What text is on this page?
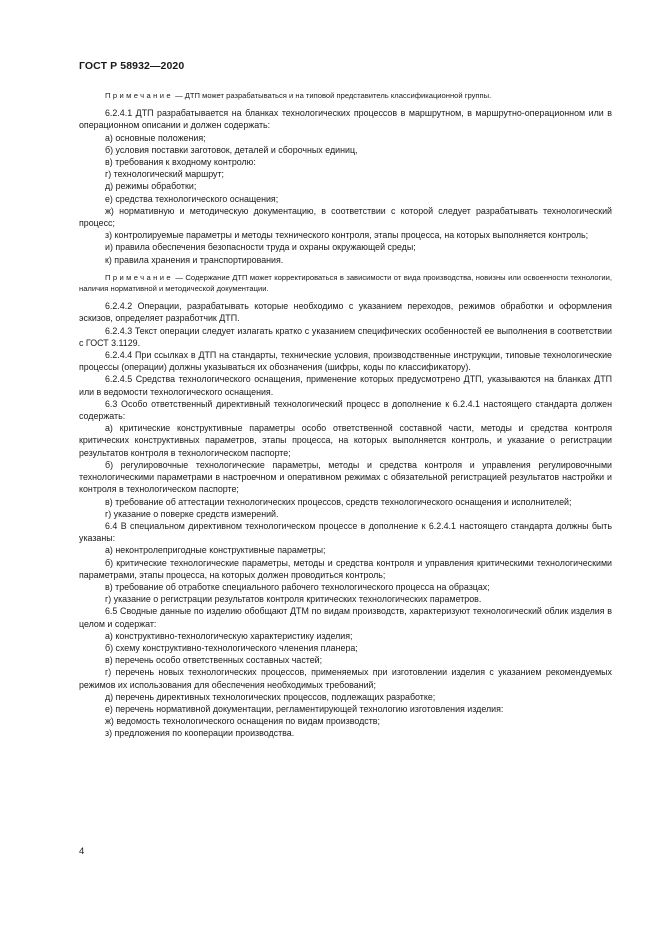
ГОСТ Р 58932—2020

Примечание — ДТП может разрабатываться и на типовой представитель классификационной группы.

6.2.4.1 ДТП разрабатывается на бланках технологических процессов в маршрутном, в маршрутно-операционном или в операционном описании и должен содержать:

а) основные положения;

б) условия поставки заготовок, деталей и сборочных единиц,

в) требования к входному контролю:

г) технологический маршрут;

д) режимы обработки;

е) средства технологического оснащения;

ж) нормативную и методическую документацию, в соответствии с которой следует разрабатывать технологический процесс;

з) контролируемые параметры и методы технического контроля, этапы процесса, на которых выполняется контроль;

и) правила обеспечения безопасности труда и охраны окружающей среды;

к) правила хранения и транспортирования.

Примечание — Содержание ДТП может корректироваться в зависимости от вида производства, новизны или освоенности технологии, наличия нормативной и методической документации.

6.2.4.2 Операции, разрабатывать которые необходимо с указанием переходов, режимов обработки и оформления эскизов, определяет разработчик ДТП.

6.2.4.3 Текст операции следует излагать кратко с указанием специфических особенностей ее выполнения в соответствии с ГОСТ 3.1129.

6.2.4.4 При ссылках в ДТП на стандарты, технические условия, производственные инструкции, типовые технологические процессы (операции) должны указываться их обозначения (шифры, коды по классификатору).

6.2.4.5 Средства технологического оснащения, применение которых предусмотрено ДТП, указываются на бланках ДТП или в ведомости технологического оснащения.

6.3 Особо ответственный директивный технологический процесс в дополнение к 6.2.4.1 настоящего стандарта должен содержать:

а) критические конструктивные параметры особо ответственной составной части, методы и средства контроля критических конструктивных параметров, этапы процесса, на которых выполняется контроль, и указание о регистрации результатов контроля в технологическом паспорте;

б) регулировочные технологические параметры, методы и средства контроля и управления регулировочными технологическими параметрами в настроечном и оперативном режимах с обязательной регистрацией результатов настройки и контроля в технологическом паспорте;

в) требование об аттестации технологических процессов, средств технологического оснащения и исполнителей;

г) указание о поверке средств измерений.

6.4 В специальном директивном технологическом процессе в дополнение к 6.2.4.1 настоящего стандарта должны быть указаны:

а) неконтролепригодные конструктивные параметры;

б) критические технологические параметры, методы и средства контроля и управления критическими технологическими параметрами, этапы процесса, на которых должен проводиться контроль;

в) требование об отработке специального рабочего технологического процесса на образцах;

г) указание о регистрации результатов контроля критических технологических параметров.

6.5 Сводные данные по изделию обобщают ДТМ по видам производств, характеризуют технологический облик изделия в целом и содержат:

а) конструктивно-технологическую характеристику изделия;

б) схему конструктивно-технологического членения планера;

в) перечень особо ответственных составных частей;

г) перечень новых технологических процессов, применяемых при изготовлении изделия с указанием рекомендуемых режимов их использования для обеспечения необходимых требований;

д) перечень директивных технологических процессов, подлежащих разработке;

е) перечень нормативной документации, регламентирующей технологию изготовления изделия:

ж) ведомость технологического оснащения по видам производств;

з) предложения по кооперации производства.

4
